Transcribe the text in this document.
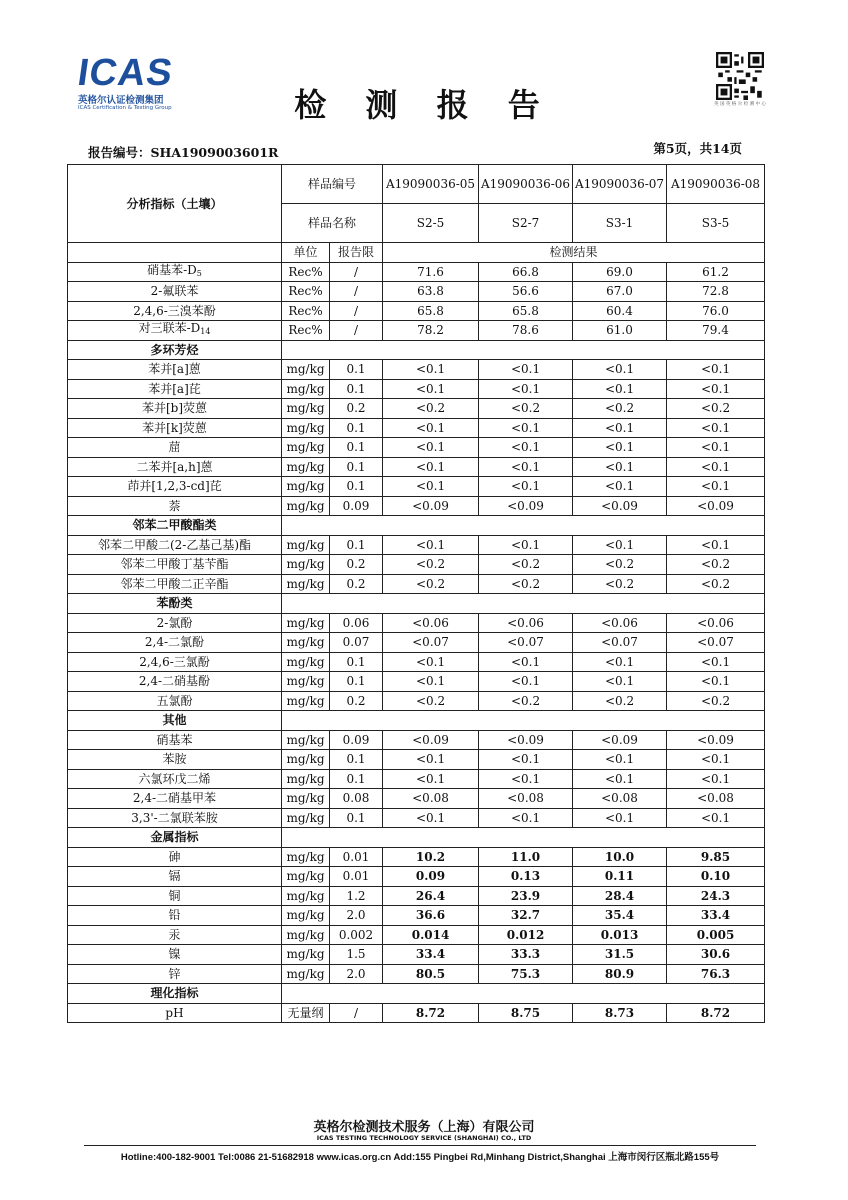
ICAS
英格尔认证检测集团
ICAS Certification & Testing Group	检 测 报 告	英 国 英 格 尔 检 测 中 心
报告编号：SHA1909003601R	第5页，共14页
分析指标（土壤）	样品编号		A19090036-05	A19090036-06	A19090036-07	A19090036-08
	样品名称		S2-5	S2-7	S3-1	S3-5
	单位	报告限	检测结果			
硝基苯$-D_5$	Rec%	/	71.6	66.8	69.0	61.2
2-氟联苯	Rec%	/	63.8	56.6	67.0	72.8
2,4,6-三溴苯酚	Rec%	/	65.8	65.8	60.4	76.0
对三联苯$-D_{14}$	Rec%	/	78.2	78.6	61.0	79.4
多环芳烃						
苯并[a]蒽	mg/kg	0.1	<0.1	<0.1	<0.1	<0.1
苯并[a]芘	mg/kg	0.1	<0.1	<0.1	<0.1	<0.1
苯并[b]荧蒽	mg/kg	0.2	<0.2	<0.2	<0.2	<0.2
苯并[k]荧蒽	mg/kg	0.1	<0.1	<0.1	<0.1	<0.1
䓛	mg/kg	0.1	<0.1	<0.1	<0.1	<0.1
二苯并[a,h]蒽	mg/kg	0.1	<0.1	<0.1	<0.1	<0.1
茚并[1,2,3-cd]芘	mg/kg	0.1	<0.1	<0.1	<0.1	<0.1
萘	mg/kg	0.09	<0.09	<0.09	<0.09	<0.09
邻苯二甲酸酯类						
邻苯二甲酸二(2-乙基己基)酯	mg/kg	0.1	<0.1	<0.1	<0.1	<0.1
邻苯二甲酸丁基苄酯	mg/kg	0.2	<0.2	<0.2	<0.2	<0.2
邻苯二甲酸二正辛酯	mg/kg	0.2	<0.2	<0.2	<0.2	<0.2
苯酚类						
2-氯酚	mg/kg	0.06	<0.06	<0.06	<0.06	<0.06
2,4-二氯酚	mg/kg	0.07	<0.07	<0.07	<0.07	<0.07
2,4,6-三氯酚	mg/kg	0.1	<0.1	<0.1	<0.1	<0.1
2,4-二硝基酚	mg/kg	0.1	<0.1	<0.1	<0.1	<0.1
五氯酚	mg/kg	0.2	<0.2	<0.2	<0.2	<0.2
其他						
硝基苯	mg/kg	0.09	<0.09	<0.09	<0.09	<0.09
苯胺	mg/kg	0.1	<0.1	<0.1	<0.1	<0.1
六氯环戊二烯	mg/kg	0.1	<0.1	<0.1	<0.1	<0.1
2,4-二硝基甲苯	mg/kg	0.08	<0.08	<0.08	<0.08	<0.08
3,3'-二氯联苯胺	mg/kg	0.1	<0.1	<0.1	<0.1	<0.1
金属指标						
砷	mg/kg	0.01	10.2	11.0	10.0	9.85
镉	mg/kg	0.01	0.09	0.13	0.11	0.10
铜	mg/kg	1.2	26.4	23.9	28.4	24.3
铅	mg/kg	2.0	36.6	32.7	35.4	33.4
汞	mg/kg	0.002	0.014	0.012	0.013	0.005
镍	mg/kg	1.5	33.4	33.3	31.5	30.6
锌	mg/kg	2.0	80.5	75.3	80.9	76.3
理化指标						
pH	无量纲	/	8.72	8.75	8.73	8.72
英格尔检测技术服务（上海）有限公司
ICAS TESTING TECHNOLOGY SERVICE (SHANGHAI) CO., LTD
Hotline:400-182-9001 Tel:0086 21-51682918 www.icas.org.cn Add:155 Pingbei Rd,Minhang District,Shanghai 上海市闵行区瓶北路155号
